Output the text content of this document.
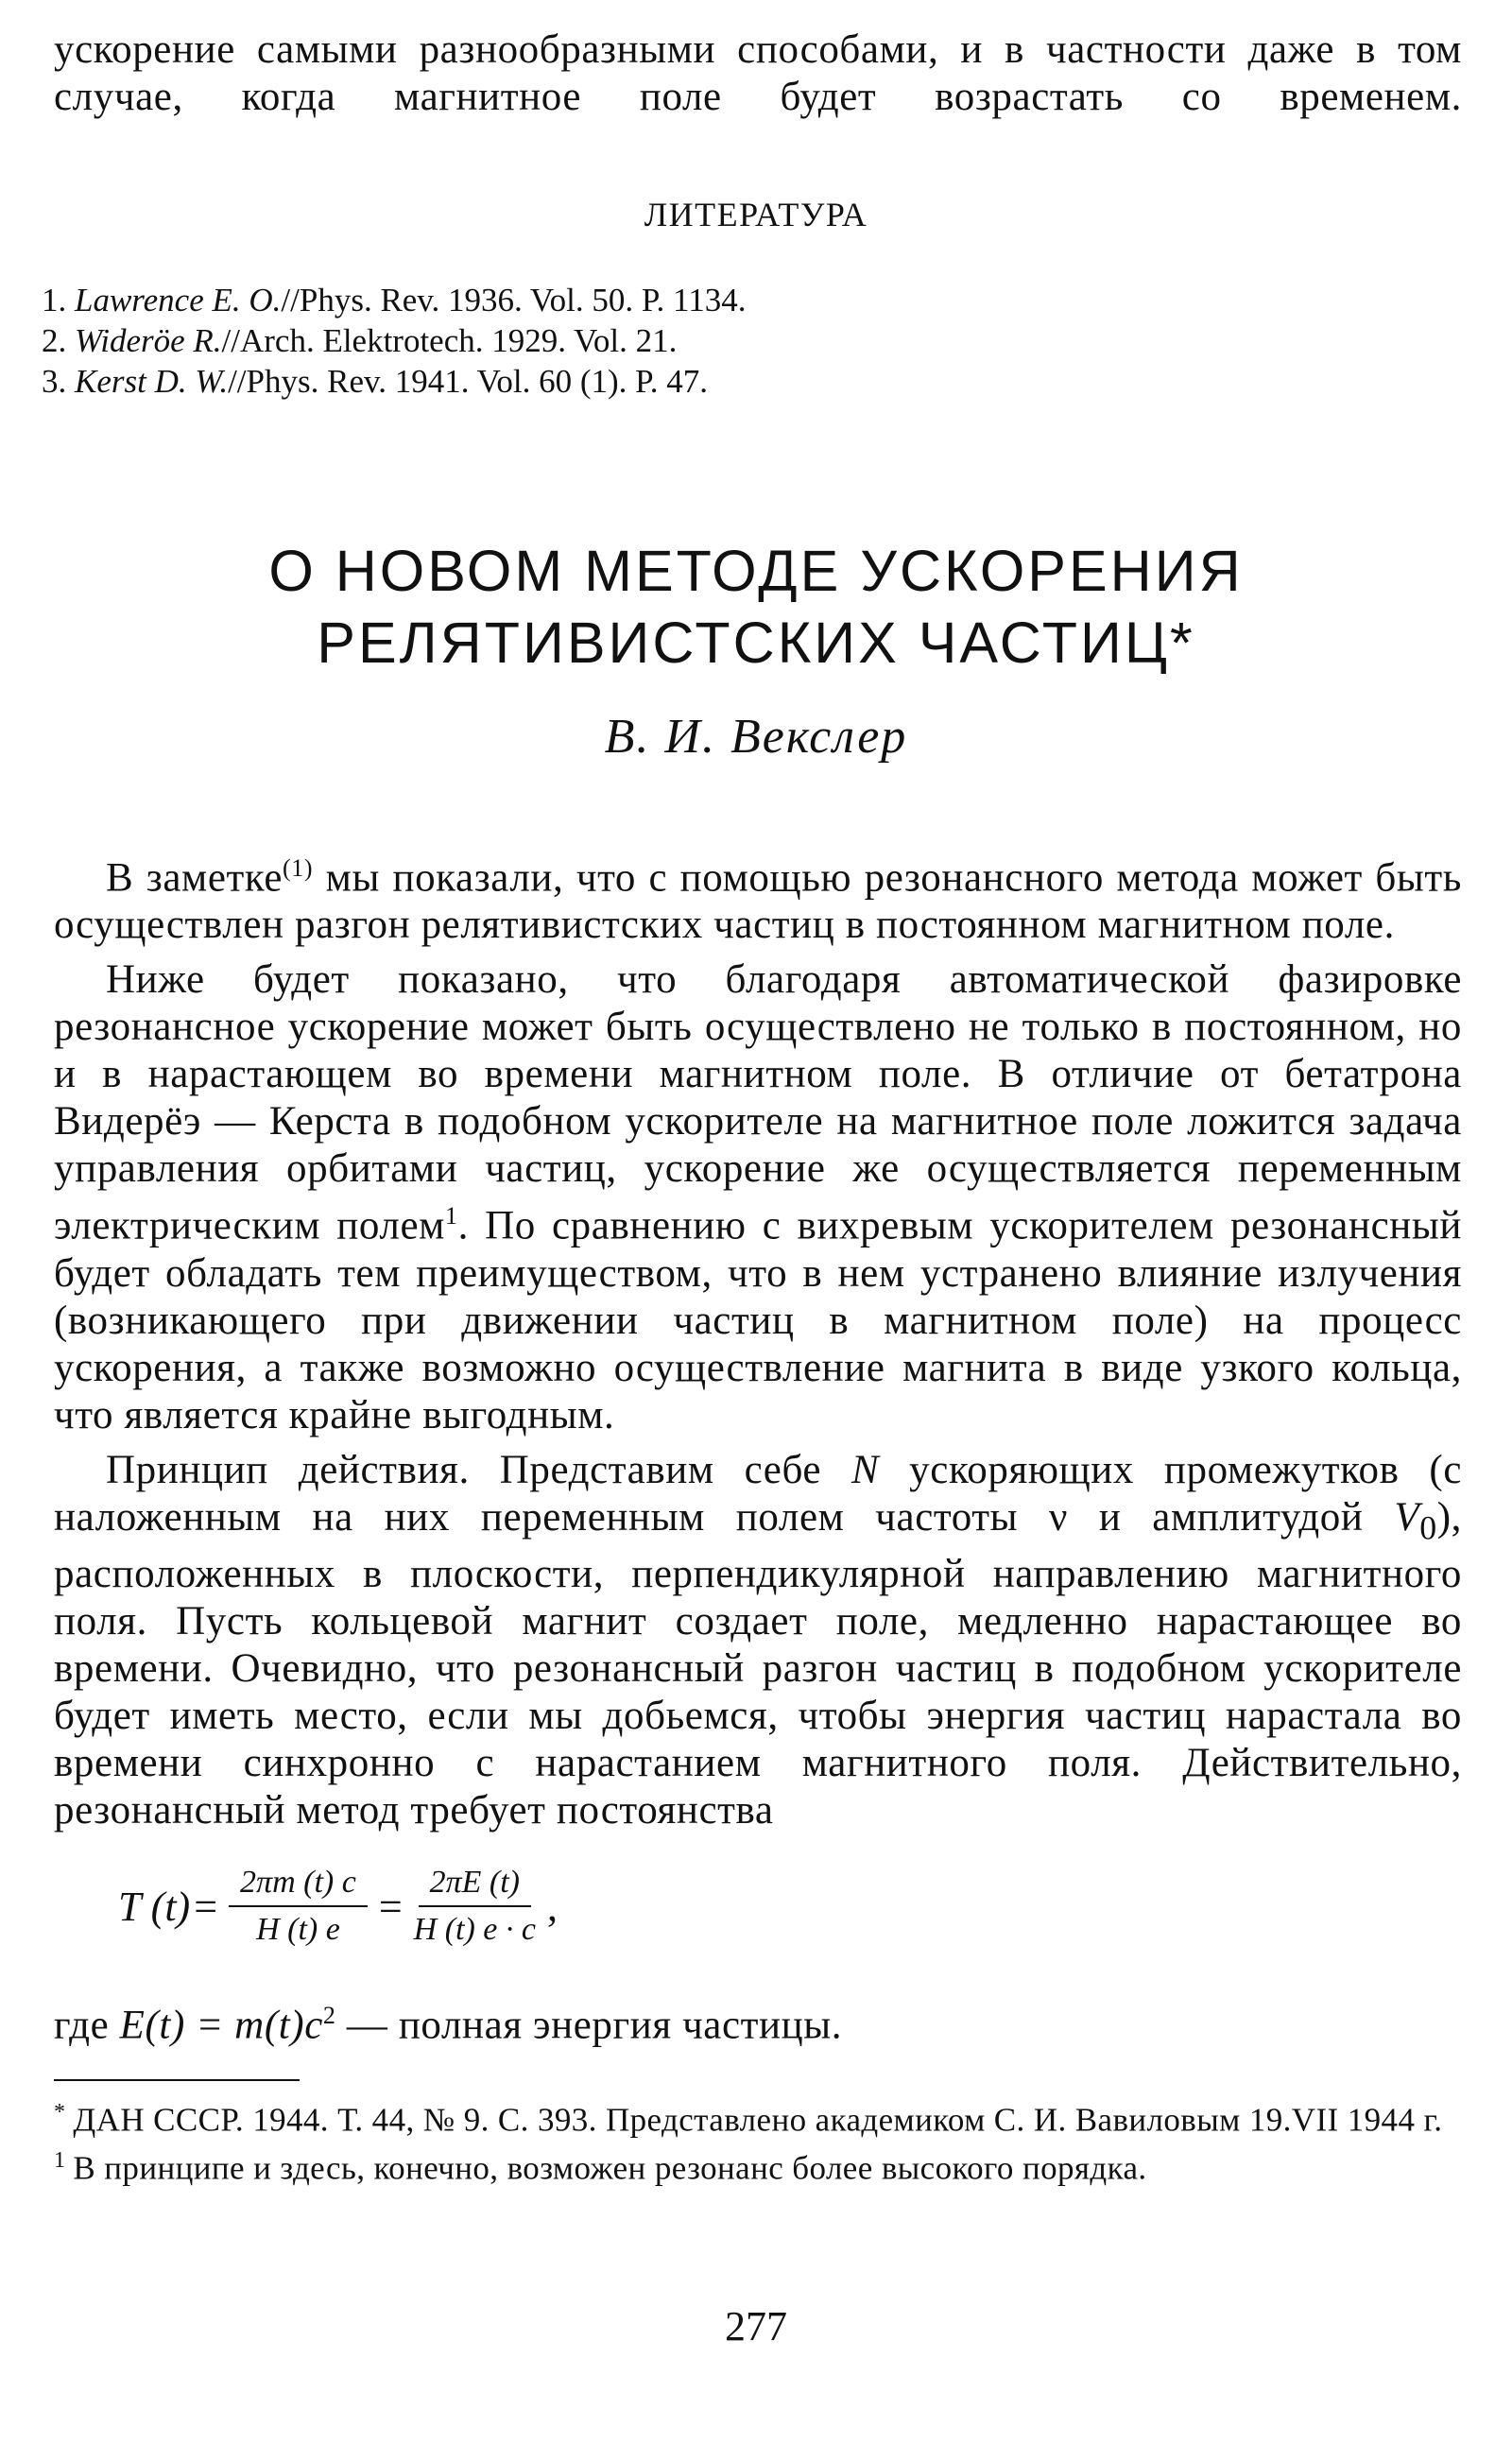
ускорение самыми разнообразными способами, и в частности даже в том случае, когда магнитное поле будет возрастать со временем.
ЛИТЕРАТУРА
1. Lawrence E. O.//Phys. Rev. 1936. Vol. 50. P. 1134.
2. Wideröe R.//Arch. Elektrotech. 1929. Vol. 21.
3. Kerst D. W.//Phys. Rev. 1941. Vol. 60 (1). P. 47.
О НОВОМ МЕТОДЕ УСКОРЕНИЯ
РЕЛЯТИВИСТСКИХ ЧАСТИЦ*
В. И. Векслер

В заметке$^{(1)}$ мы показали, что с помощью резонансного метода может быть осуществлен разгон релятивистских частиц в постоянном магнитном поле.

Ниже будет показано, что благодаря автоматической фазировке резонансное ускорение может быть осуществлено не только в постоянном, но и в нарастающем во времени магнитном поле. В отличие от бетатрона Видерёэ — Керста в подобном ускорителе на магнитное поле ложится задача управления орбитами частиц, ускорение же осуществляется переменным электрическим полем$^1$. По сравнению с вихревым ускорителем резонансный будет обладать тем преимуществом, что в нем устранено влияние излучения (возникающего при движении частиц в магнитном поле) на процесс ускорения, а также возможно осуществление магнита в виде узкого кольца, что является крайне выгодным.

Принцип действия. Представим себе N ускоряющих промежутков (с наложенным на них переменным полем частоты ν и амплитудой $V_0$), расположенных в плоскости, перпендикулярной направлению магнитного поля. Пусть кольцевой магнит создает поле, медленно нарастающее во времени. Очевидно, что резонансный разгон частиц в подобном ускорителе будет иметь место, если мы добьемся, чтобы энергия частиц нарастала во времени синхронно с нарастанием магнитного поля. Действительно, резонансный метод требует постоянства

T $(t) = \frac{2\pi m (t) c}{H (t) e} = \frac{2\pi E (t)}{H (t) e \cdot c}$ ,
где $E(t) = m(t)c^2$ — полная энергия частицы.
* ДАН СССР. 1944. Т. 44, № 9. С. 393. Представлено академиком С. И. Вавиловым 19.VII 1944 г.
$^1$ В принципе и здесь, конечно, возможен резонанс более высокого порядка.
277
